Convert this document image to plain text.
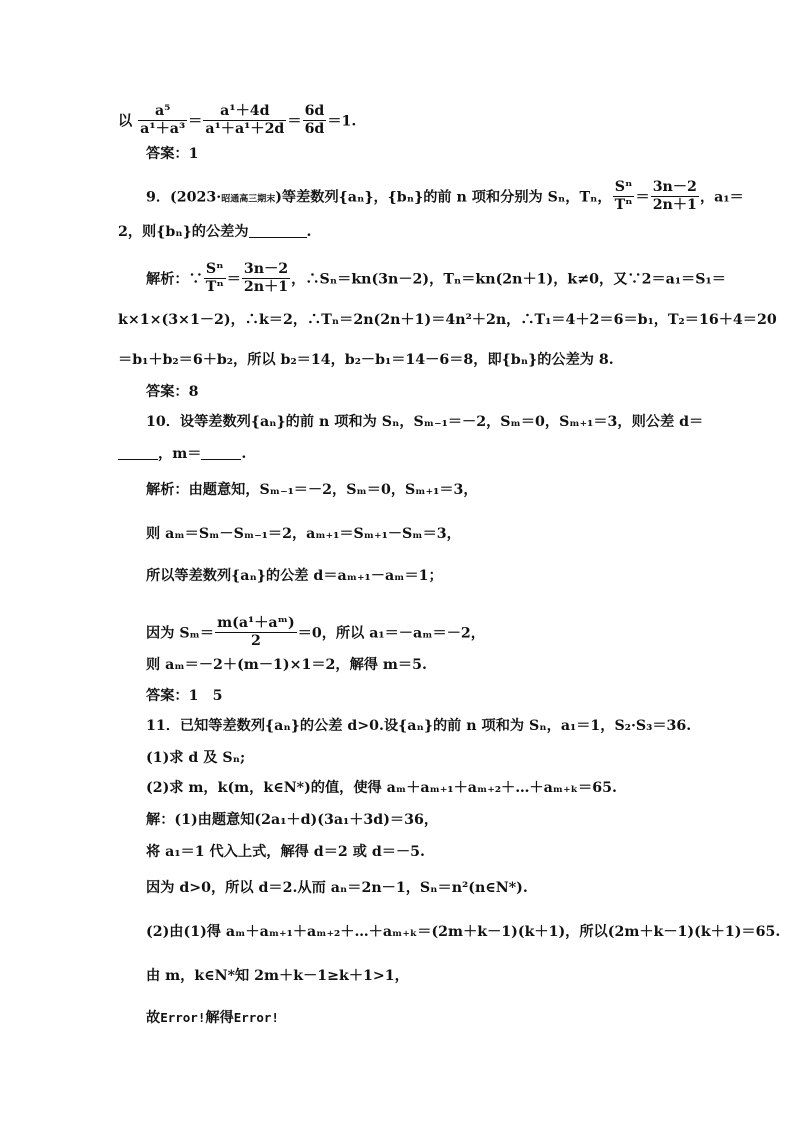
以 $\frac{\text{a⁵}}{\text{a¹＋a³}} = \frac{\text{a¹＋4d}}{\text{a¹＋a¹＋2d}} = \frac{6d}{6d} =1$.
答案：1
9．(2023·昭通高三期末)等差数列{aₙ}，{bₙ}的前 n 项和分别为 Sₙ，Tₙ， $\frac{\text{Sⁿ}}{\text{Tⁿ}} = \frac{3n-2}{2n+1}$ ，a₁＝
2，则{bₙ}的公差为	.
解析：∵ $\frac{\text{Sⁿ}}{\text{Tⁿ}} = \frac{3n-2}{2n+1}$ ，∴Sₙ＝kn(3n－2)，Tₙ＝kn(2n＋1)，k≠0，又∵2＝a₁＝S₁＝
k×1×(3×1－2)，∴k＝2，∴Tₙ＝2n(2n＋1)＝4n²＋2n，∴T₁＝4＋2＝6＝b₁，T₂＝16＋4＝20
＝b₁＋b₂＝6＋b₂，所以 b₂＝14，b₂－b₁＝14－6＝8，即{bₙ}的公差为 8.
答案：8
10．设等差数列{aₙ}的前 n 项和为 Sₙ，Sₘ₋₁＝－2，Sₘ＝0，Sₘ₊₁＝3，则公差 d＝
，m＝	.
解析：由题意知，Sₘ₋₁＝－2，Sₘ＝0，Sₘ₊₁＝3，
则 aₘ＝Sₘ－Sₘ₋₁＝2，aₘ₊₁＝Sₘ₊₁－Sₘ＝3，
所以等差数列{aₙ}的公差 d＝aₘ₊₁－aₘ＝1；
因为 $S_m= \frac{\text{m(a¹＋aᵐ)}}{2} =0$，所以 a₁＝－aₘ＝－2，
则 aₘ＝－2＋(m－1)×1＝2，解得 m＝5.
答案：1　5
11．已知等差数列{aₙ}的公差 d>0.设{aₙ}的前 n 项和为 Sₙ，a₁＝1，S₂·S₃＝36.
(1)求 d 及 Sₙ;
(2)求 m，k(m，k∈N*)的值，使得 aₘ＋aₘ₊₁＋aₘ₊₂＋…＋aₘ₊ₖ＝65.
解：(1)由题意知(2a₁＋d)(3a₁＋3d)＝36，
将 a₁＝1 代入上式，解得 d＝2 或 d＝－5.
因为 d>0，所以 d＝2.从而 aₙ＝2n－1，Sₙ＝n²(n∈N*).
(2)由(1)得 aₘ＋aₘ₊₁＋aₘ₊₂＋…＋aₘ₊ₖ＝(2m＋k－1)(k＋1)，所以(2m＋k－1)(k＋1)＝65.
由 m，k∈N*知 2m＋k－1≥k＋1>1，
故Error!解得Error!
